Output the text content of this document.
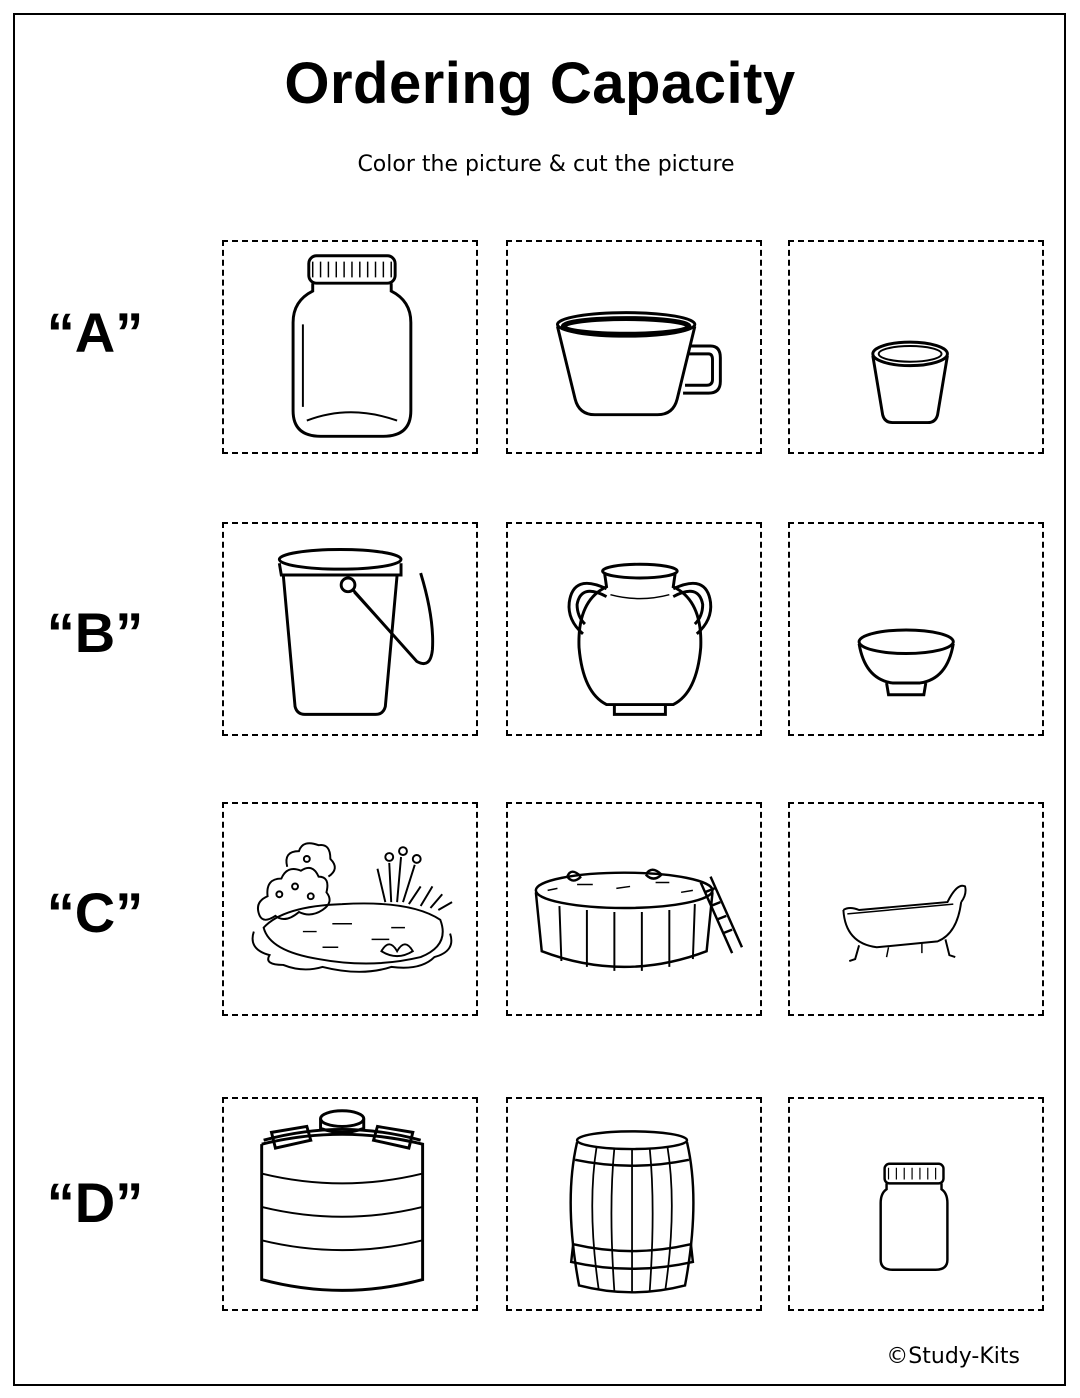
Ordering Capacity
Color the picture & cut the picture
“A”
“B”
“C”
“D”
©Study-Kits
